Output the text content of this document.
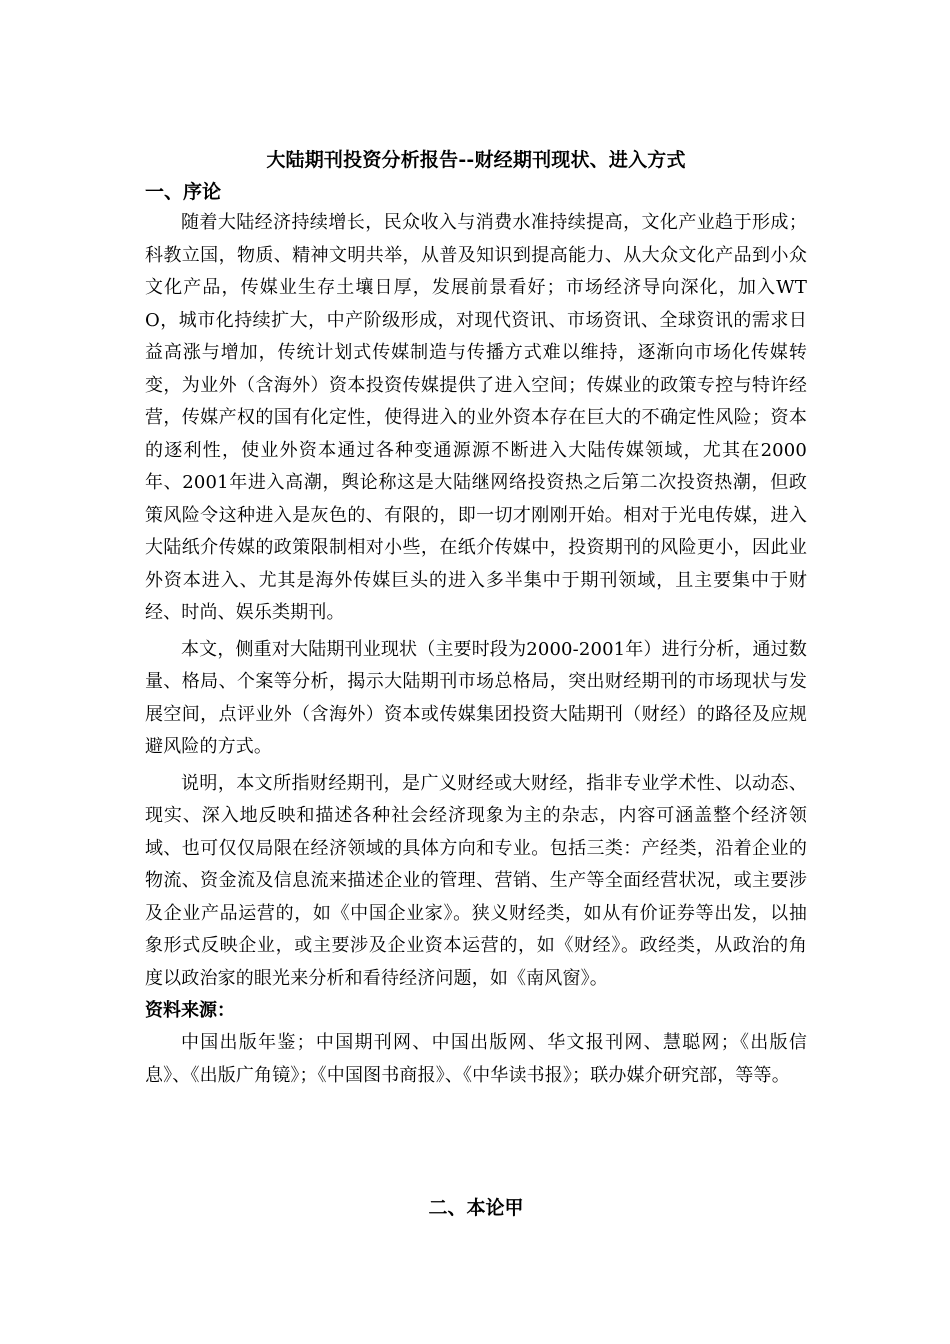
大陆期刊投资分析报告--财经期刊现状、进入方式
一、序论

随着大陆经济持续增长，民众收入与消费水准持续提高，文化产业趋于形成；科教立国，物质、精神文明共举，从普及知识到提高能力、从大众文化产品到小众文化产品，传媒业生存土壤日厚，发展前景看好；市场经济导向深化，加入WTO，城市化持续扩大，中产阶级形成，对现代资讯、市场资讯、全球资讯的需求日益高涨与增加，传统计划式传媒制造与传播方式难以维持，逐渐向市场化传媒转变，为业外（含海外）资本投资传媒提供了进入空间；传媒业的政策专控与特许经营，传媒产权的国有化定性，使得进入的业外资本存在巨大的不确定性风险；资本的逐利性，使业外资本通过各种变通源源不断进入大陆传媒领域，尤其在2000年、2001年进入高潮，舆论称这是大陆继网络投资热之后第二次投资热潮，但政策风险令这种进入是灰色的、有限的，即一切才刚刚开始。相对于光电传媒，进入大陆纸介传媒的政策限制相对小些，在纸介传媒中，投资期刊的风险更小，因此业外资本进入、尤其是海外传媒巨头的进入多半集中于期刊领域，且主要集中于财经、时尚、娱乐类期刊。

本文，侧重对大陆期刊业现状（主要时段为2000-2001年）进行分析，通过数量、格局、个案等分析，揭示大陆期刊市场总格局，突出财经期刊的市场现状与发展空间，点评业外（含海外）资本或传媒集团投资大陆期刊（财经）的路径及应规避风险的方式。

说明，本文所指财经期刊，是广义财经或大财经，指非专业学术性、以动态、现实、深入地反映和描述各种社会经济现象为主的杂志，内容可涵盖整个经济领域、也可仅仅局限在经济领域的具体方向和专业。包括三类：产经类，沿着企业的物流、资金流及信息流来描述企业的管理、营销、生产等全面经营状况，或主要涉及企业产品运营的，如《中国企业家》。狭义财经类，如从有价证券等出发，以抽象形式反映企业，或主要涉及企业资本运营的，如《财经》。政经类，从政治的角度以政治家的眼光来分析和看待经济问题，如《南风窗》。

资料来源：

中国出版年鉴；中国期刊网、中国出版网、华文报刊网、慧聪网；《出版信息》、《出版广角镜》；《中国图书商报》、《中华读书报》；联办媒介研究部，等等。

二、本论甲
